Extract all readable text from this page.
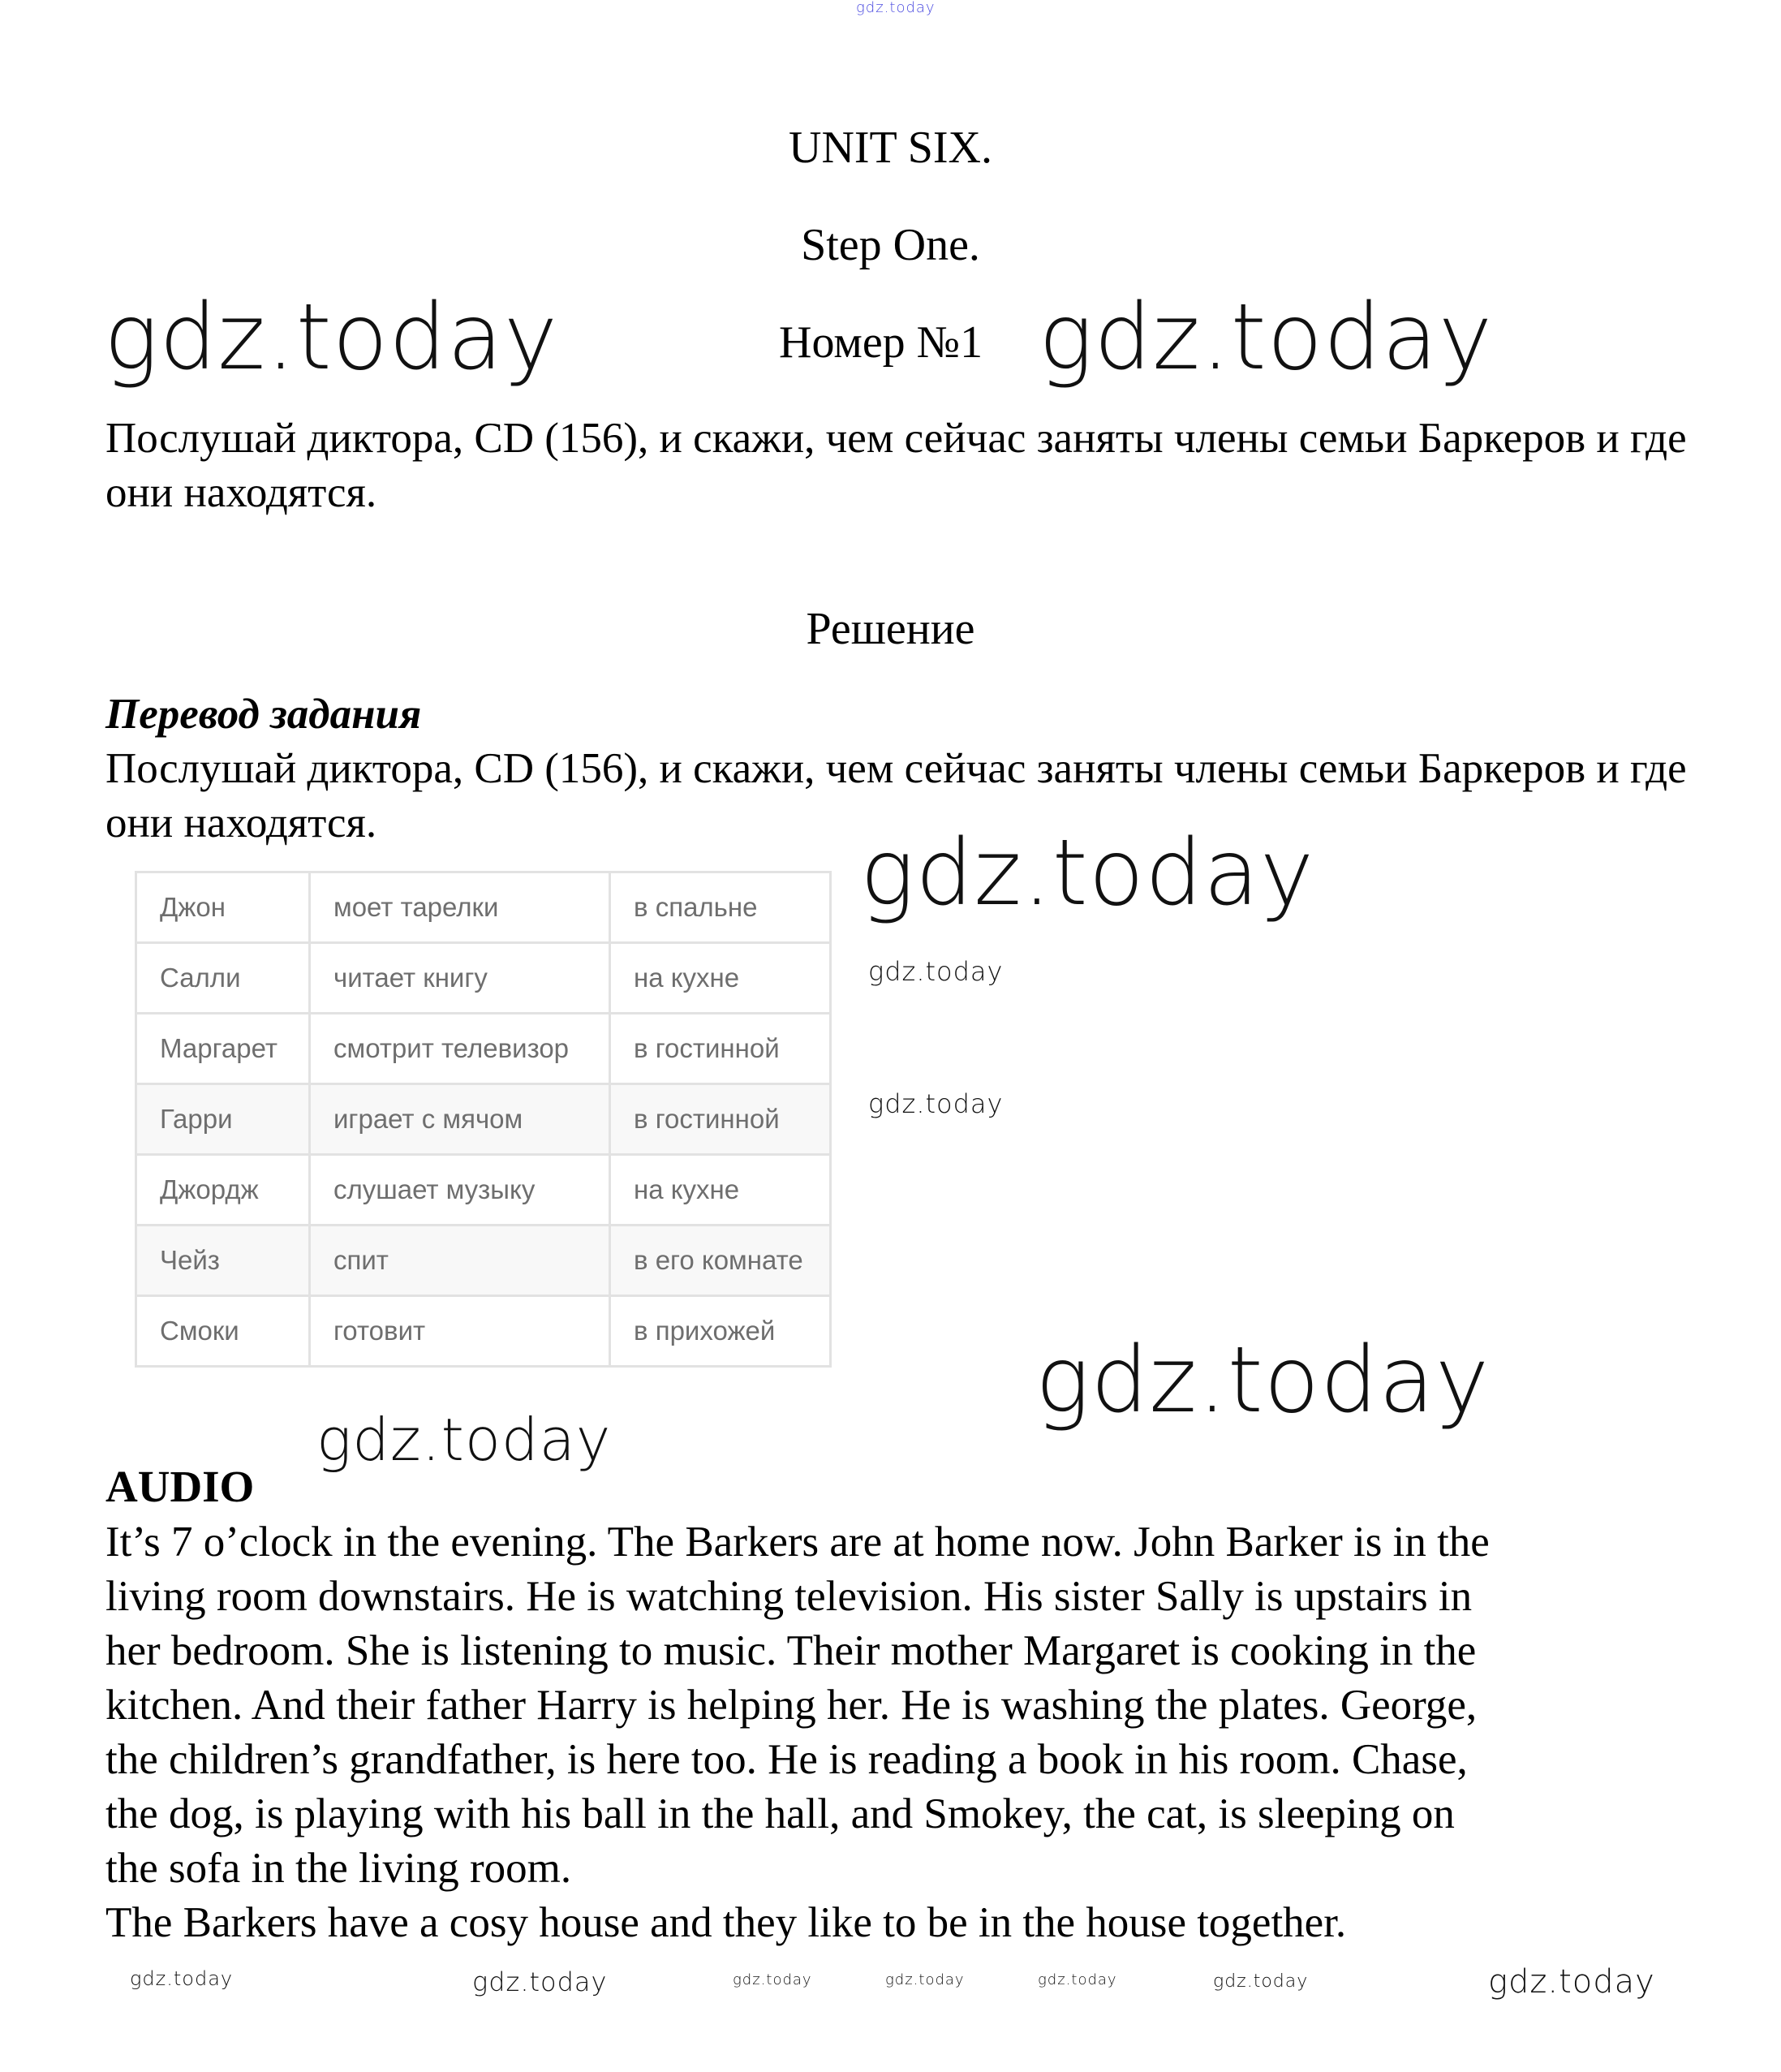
gdz.today
UNIT SIX.
Step One.
Номер №1
gdz.today	gdz.today
Послушай диктора, CD (156), и скажи, чем сейчас заняты члены семьи Баркеров и где они находятся.
Решение
Перевод задания
Послушай диктора, CD (156), и скажи, чем сейчас заняты члены семьи Баркеров и где они находятся.	gdz.today
gdz.today
Джон	моет тарелки	в спальне
Салли	читает книгу	на кухне
Маргарет	смотрит телевизор	в гостинной
Гарри	играет с мячом	в гостинной
Джордж	слушает музыку	на кухне
Чейз	спит	в его комнате
Смоки	готовит	в прихожей
gdz.today
gdz.today
gdz.today
AUDIO
It’s 7 o’clock in the evening. The Barkers are at home now. John Barker is in the
living room downstairs. He is watching television. His sister Sally is upstairs in
her bedroom. She is listening to music. Their mother Margaret is cooking in the
kitchen. And their father Harry is helping her. He is washing the plates. George,
the children’s grandfather, is here too. He is reading a book in his room. Chase,
the dog, is playing with his ball in the hall, and Smokey, the cat, is sleeping on
the sofa in the living room.
The Barkers have a cosy house and they like to be in the house together.
gdz.today	gdz.today	gdz.today	gdz.today	gdz.today	gdz.today	gdz.today
